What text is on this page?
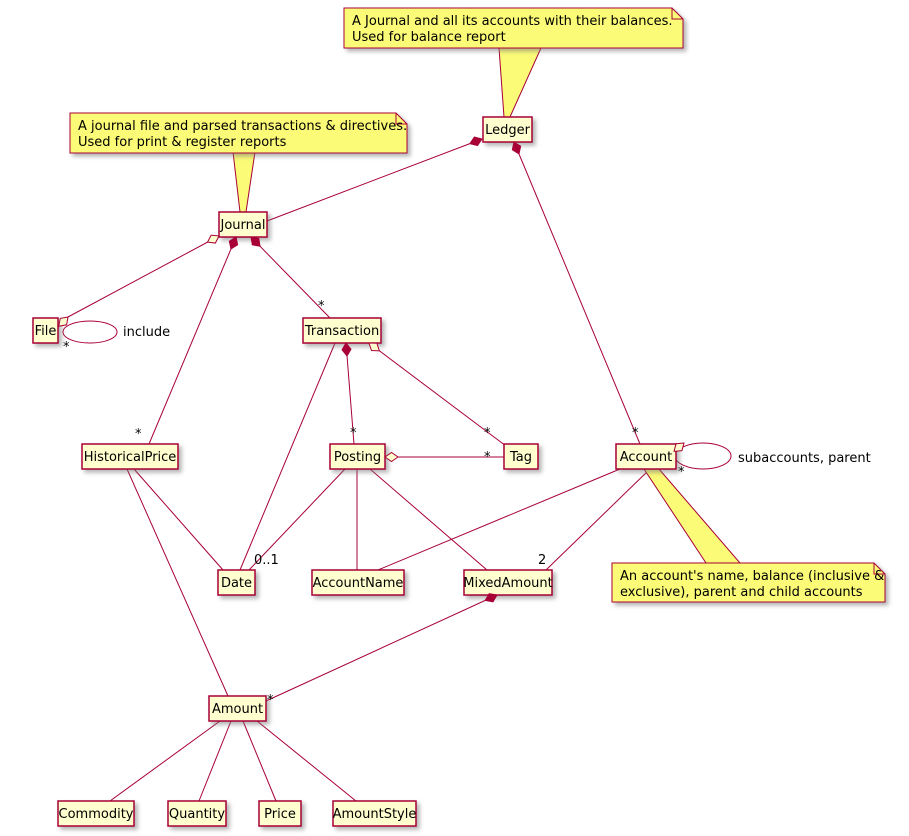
A Journal and all its accounts with their balances.
Used for balance report
A journal file and parsed transactions & directives.
Used for print & register reports
An account's name, balance (inclusive &
exclusive), parent and child accounts
Ledger
Journal
File	Transaction
HistoricalPrice	Posting	Tag	Account
Date	AccountName	MixedAmount
Amount
Commodity	Quantity	Price	AmountStyle
*
include
*
*
*
*	*
*
0..1
subaccounts, parent
*
2
*
